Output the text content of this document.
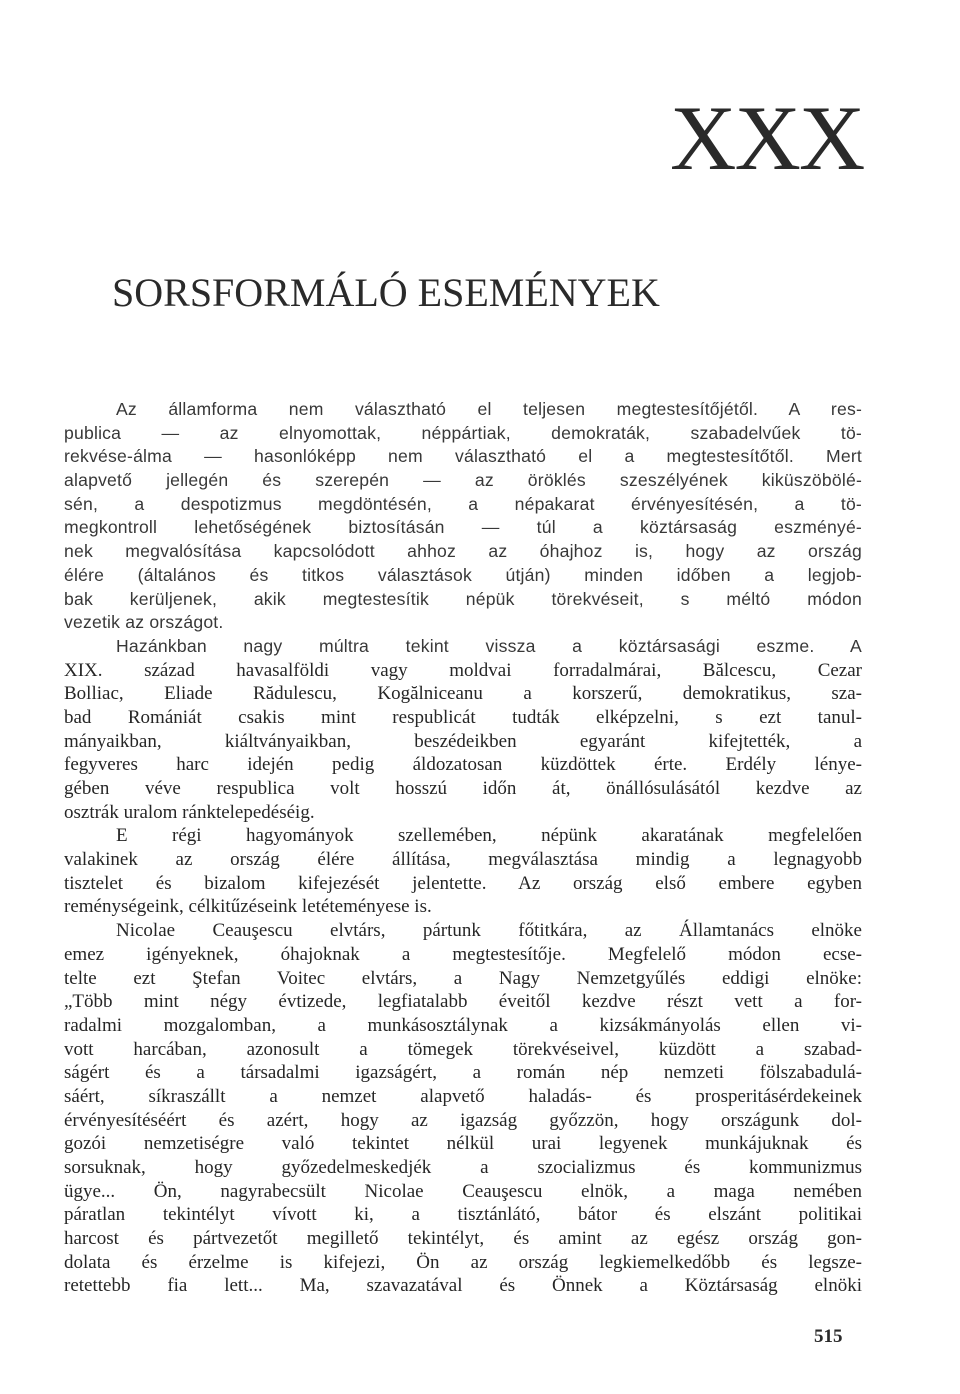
XXX
SORSFORMÁLÓ ESEMÉNYEK
Az államforma nem választható el teljesen megtestesítőjétől. A res-
publica — az elnyomottak, néppártiak, demokraták, szabadelvűek tö-
rekvése-álma — hasonlóképp nem választható el a megtestesítőtől. Mert
alapvető jellegén és szerepén — az öröklés szeszélyének kiküszöbölé-
sén, a despotizmus megdöntésén, a népakarat érvényesítésén, a tö-
megkontroll lehetőségének biztosításán — túl a köztársaság eszményé-
nek megvalósítása kapcsolódott ahhoz az óhajhoz is, hogy az ország
élére (általános és titkos választások útján) minden időben a legjob-
bak kerüljenek, akik megtestesítik népük törekvéseit, s méltó módon
vezetik az országot.
Hazánkban nagy múltra tekint vissza a köztársasági eszme. A
XIX. század havasalföldi vagy moldvai forradalmárai, Bălcescu, Cezar
Bolliac, Eliade Rădulescu, Kogălniceanu a korszerű, demokratikus, sza-
bad Romániát csakis mint respublicát tudták elképzelni, s ezt tanul-
mányaikban, kiáltványaikban, beszédeikben egyaránt kifejtették, a
fegyveres harc idején pedig áldozatosan küzdöttek érte. Erdély lénye-
gében véve respublica volt hosszú időn át, önállósulásától kezdve az
osztrák uralom ránktelepedéséig.
E régi hagyományok szellemében, népünk akaratának megfelelően
valakinek az ország élére állítása, megválasztása mindig a legnagyobb
tisztelet és bizalom kifejezését jelentette. Az ország első embere egyben
reménységeink, célkitűzéseink letéteményese is.
Nicolae Ceauşescu elvtárs, pártunk főtitkára, az Államtanács elnöke
emez igényeknek, óhajoknak a megtestesítője. Megfelelő módon ecse-
telte ezt Ştefan Voitec elvtárs, a Nagy Nemzetgyűlés eddigi elnöke:
„Több mint négy évtizede, legfiatalabb éveitől kezdve részt vett a for-
radalmi mozgalomban, a munkásosztálynak a kizsákmányolás ellen vi-
vott harcában, azonosult a tömegek törekvéseivel, küzdött a szabad-
ságért és a társadalmi igazságért, a román nép nemzeti fölszabadulá-
sáért, síkraszállt a nemzet alapvető haladás- és prosperitásérdekeinek
érvényesítéséért és azért, hogy az igazság győzzön, hogy országunk dol-
gozói nemzetiségre való tekintet nélkül urai legyenek munkájuknak és
sorsuknak, hogy győzedelmeskedjék a szocializmus és kommunizmus
ügye... Ön, nagyrabecsült Nicolae Ceauşescu elnök, a maga nemében
páratlan tekintélyt vívott ki, a tisztánlátó, bátor és elszánt politikai
harcost és pártvezetőt megillető tekintélyt, és amint az egész ország gon-
dolata és érzelme is kifejezi, Ön az ország legkiemelkedőbb és legsze-
retettebb fia lett... Ma, szavazatával és Önnek a Köztársaság elnöki
515
